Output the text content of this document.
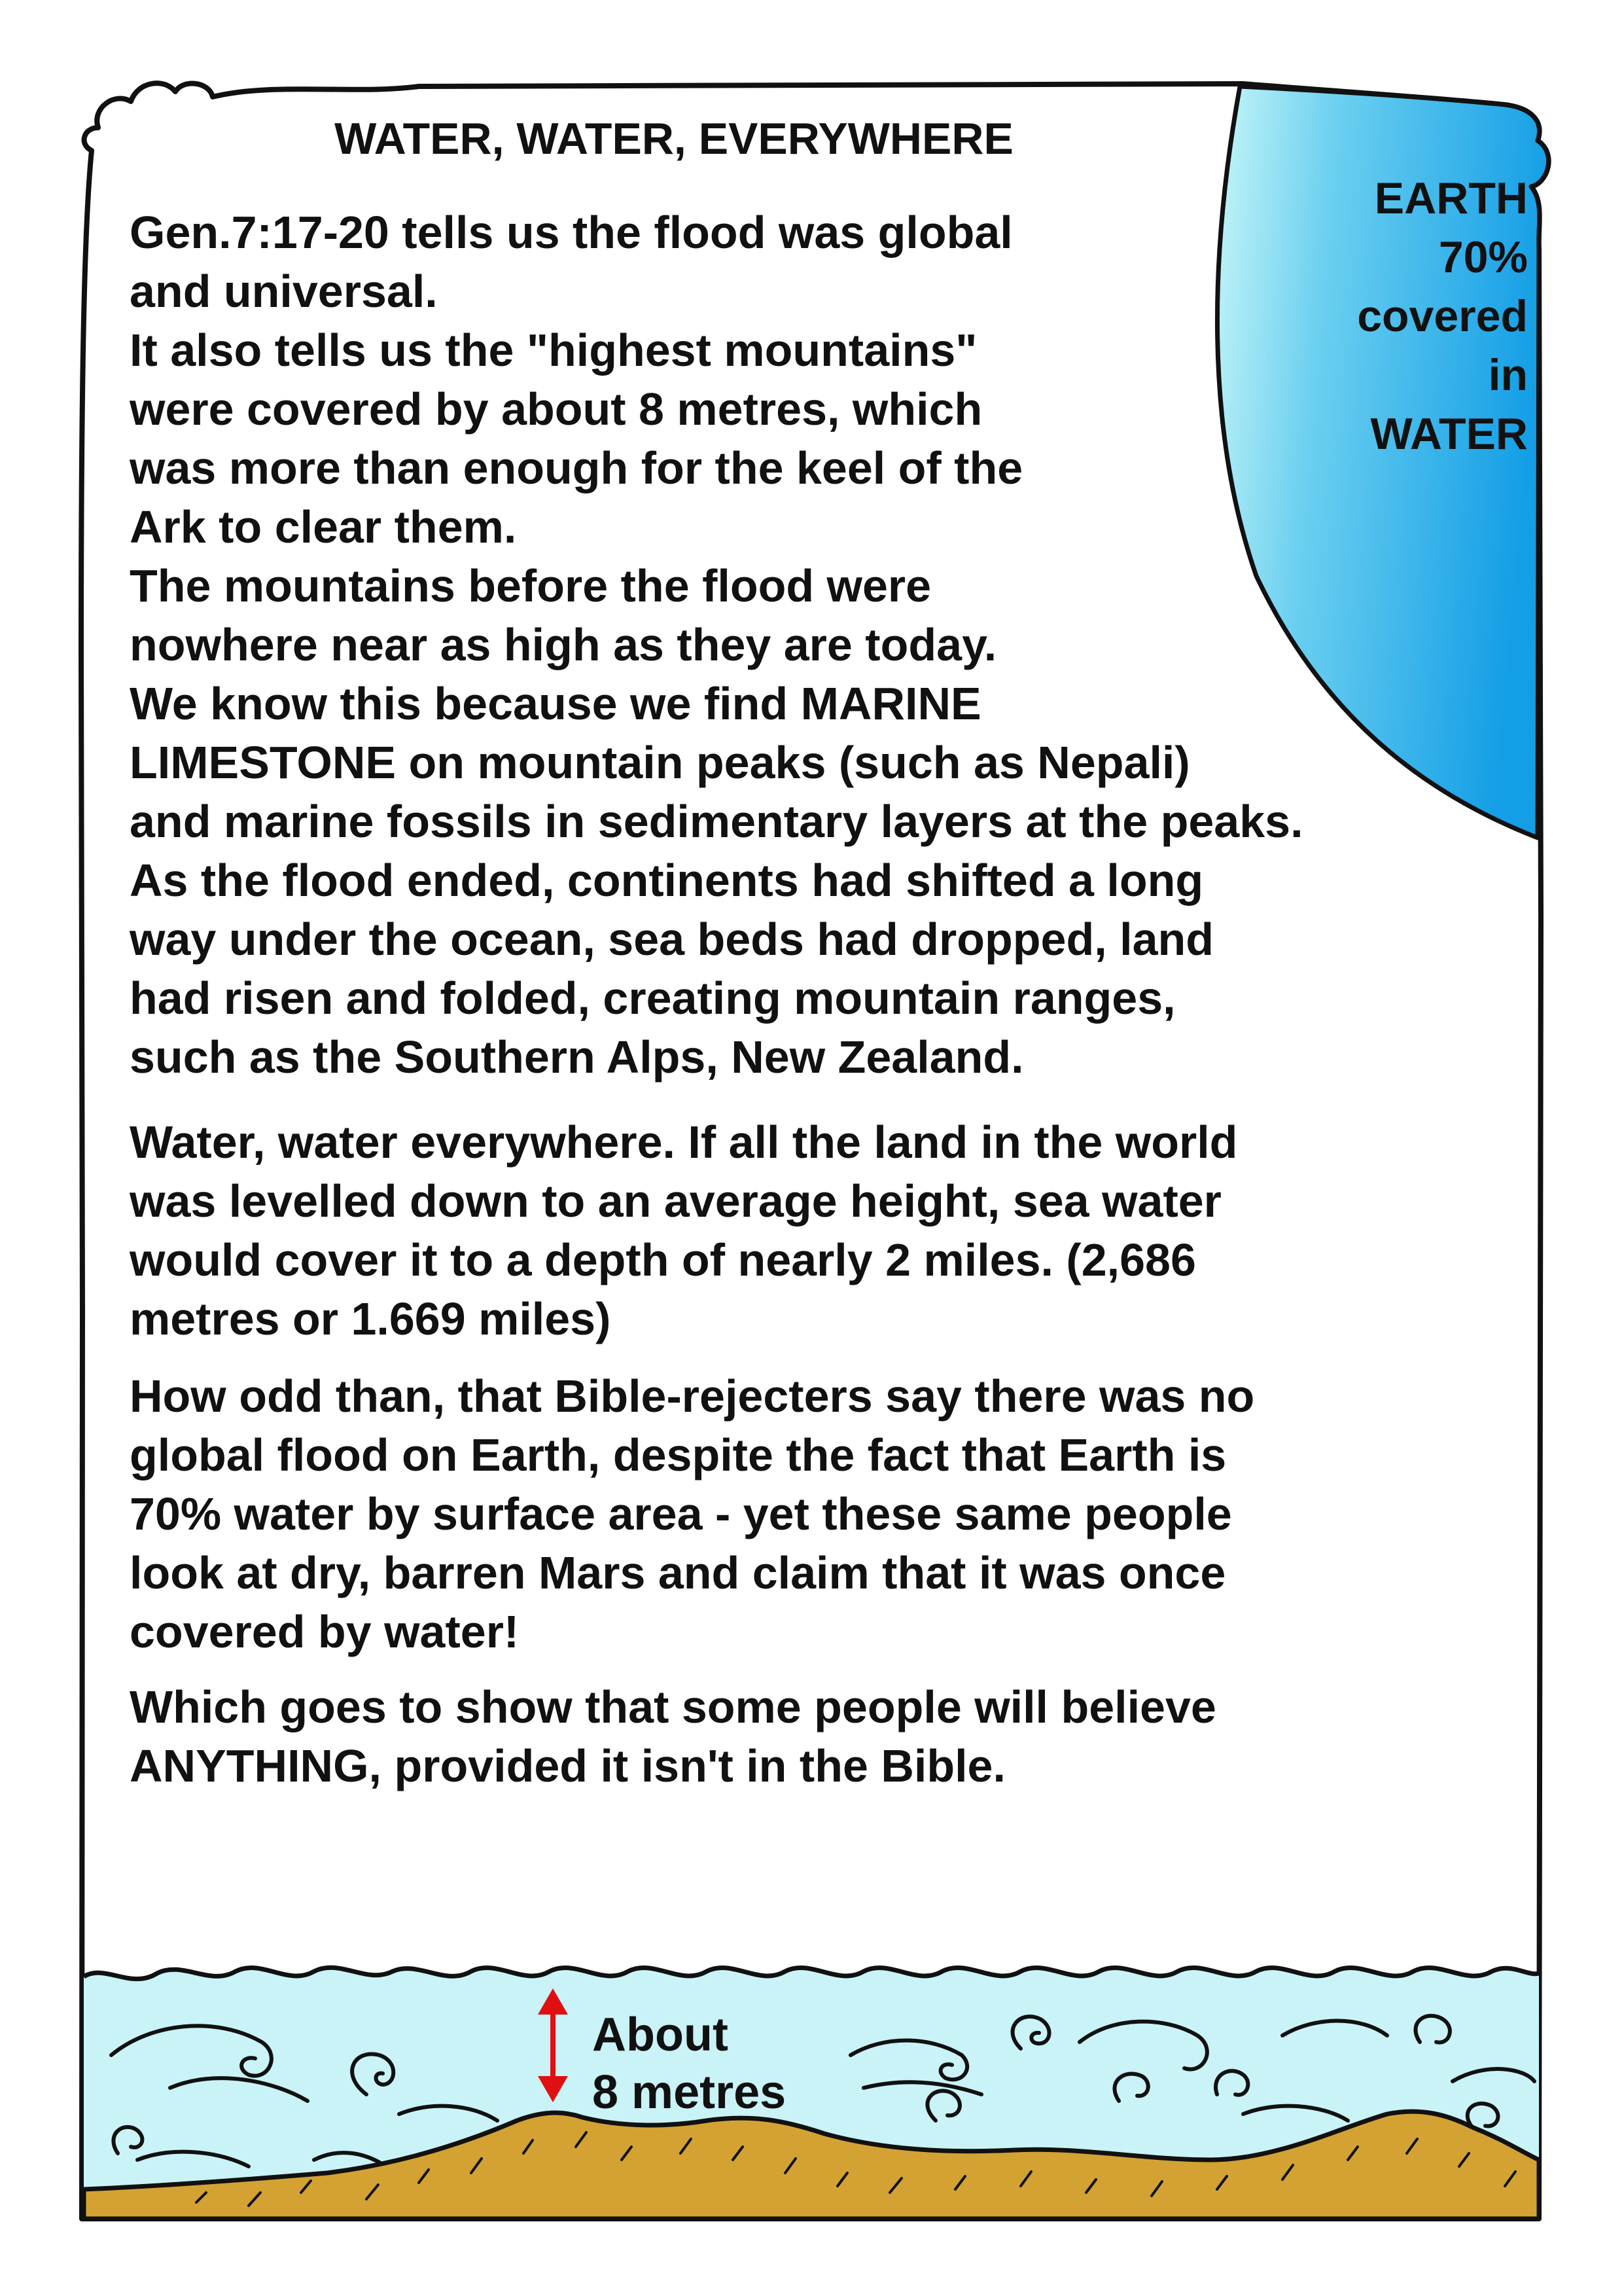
WATER, WATER, EVERYWHERE
Gen.7:17-20 tells us the flood was global
and universal.
It also tells us the "highest mountains"
were covered by about 8 metres, which
was more than enough for the keel of the
Ark to clear them.
The mountains before the flood were
nowhere near as high as they are today.
We know this because we find MARINE
LIMESTONE on mountain peaks (such as Nepali)
and marine fossils in sedimentary layers at the peaks.
As the flood ended, continents had shifted a long
way under the ocean, sea beds had dropped, land
had risen and folded, creating mountain ranges,
such as the Southern Alps, New Zealand.
Water, water everywhere. If all the land in the world
was levelled down to an average height, sea water
would cover it to a depth of nearly 2 miles. (2,686
metres or 1.669 miles)
How odd than, that Bible-rejecters say there was no
global flood on Earth, despite the fact that Earth is
70% water by surface area - yet these same people
look at dry, barren Mars and claim that it was once
covered by water!
Which goes to show that some people will believe
ANYTHING, provided it isn't in the Bible.
EARTH
70%
covered
in
WATER
About
8 metres
